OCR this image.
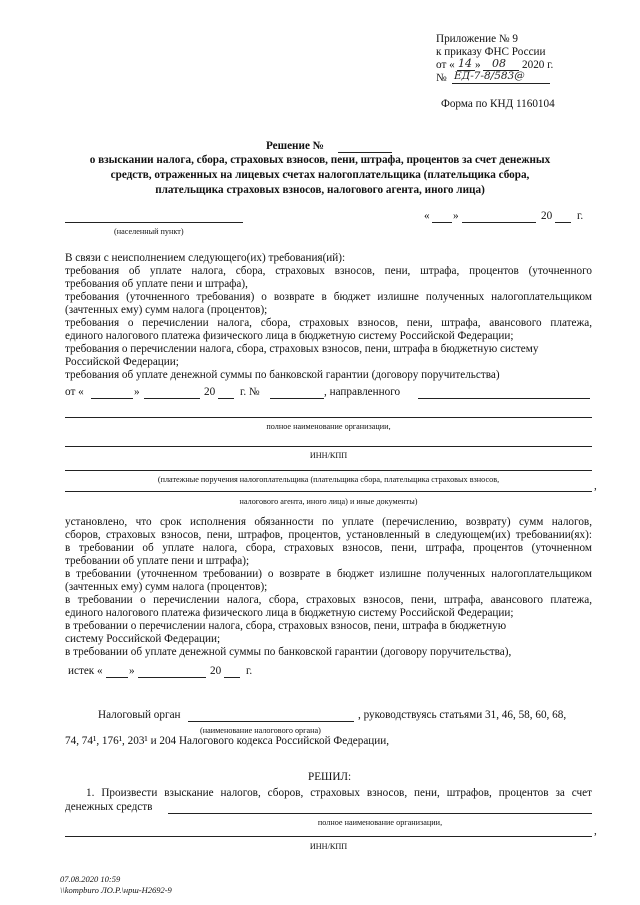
Приложение № 9
к приказу ФНС России
от « 14 » 08 2020 г.
№ ЕД-7-8/583@
Форма по КНД 1160104
Решение №
о взыскании налога, сбора, страховых взносов, пени, штрафа, процентов за счет денежных
средств, отраженных на лицевых счетах налогоплательщика (плательщика сбора,
плательщика страховых взносов, налогового агента, иного лица)
« »	20 г.
(населенный пункт)
В связи с неисполнением следующего(их) требования(ий):
требования об уплате налога, сбора, страховых взносов, пени, штрафа, процентов (уточненного
требования об уплате пени и штрафа),
требования (уточненного требования) о возврате в бюджет излишне полученных налогоплательщиком
(зачтенных ему) сумм налога (процентов);
требования о перечислении налога, сбора, страховых взносов, пени, штрафа, авансового платежа,
единого налогового платежа физического лица в бюджетную систему Российской Федерации;
требования о перечислении налога, сбора, страховых взносов, пени, штрафа в бюджетную систему
Российской Федерации;
требования об уплате денежной суммы по банковской гарантии (договору поручительства)
от «	»	20 г. №	, направленного
полное наименование организации,
ИНН/КПП
(платежные поручения налогоплательщика (плательщика сбора, плательщика страховых взносов,
,
налогового агента, иного лица) и иные документы)
установлено, что срок исполнения обязанности по уплате (перечислению, возврату) сумм налогов,
сборов, страховых взносов, пени, штрафов, процентов, установленный в следующем(их) требовании(ях):
в требовании об уплате налога, сбора, страховых взносов, пени, штрафа, процентов (уточненном
требовании об уплате пени и штрафа);
в требовании (уточненном требовании) о возврате в бюджет излишне полученных налогоплательщиком
(зачтенных ему) сумм налога (процентов);
в требовании о перечислении налога, сбора, страховых взносов, пени, штрафа, авансового платежа,
единого налогового платежа физического лица в бюджетную систему Российской Федерации;
в требовании о перечислении налога, сбора, страховых взносов, пени, штрафа в бюджетную
систему Российской Федерации;
в требовании об уплате денежной суммы по банковской гарантии (договору поручительства),
истек « »	20 г.
Налоговый орган	, руководствуясь статьями 31, 46, 58, 60, 68,
(наименование налогового органа)
74, 74¹, 176¹, 203¹ и 204 Налогового кодекса Российской Федерации,
РЕШИЛ:
1. Произвести взыскание налогов, сборов, страховых взносов, пени, штрафов, процентов за счет
денежных средств
полное наименование организации,
,
ИНН/КПП
07.08.2020 10:59
\\kompburo ЛО.Р.\нрш-Н2692-9
